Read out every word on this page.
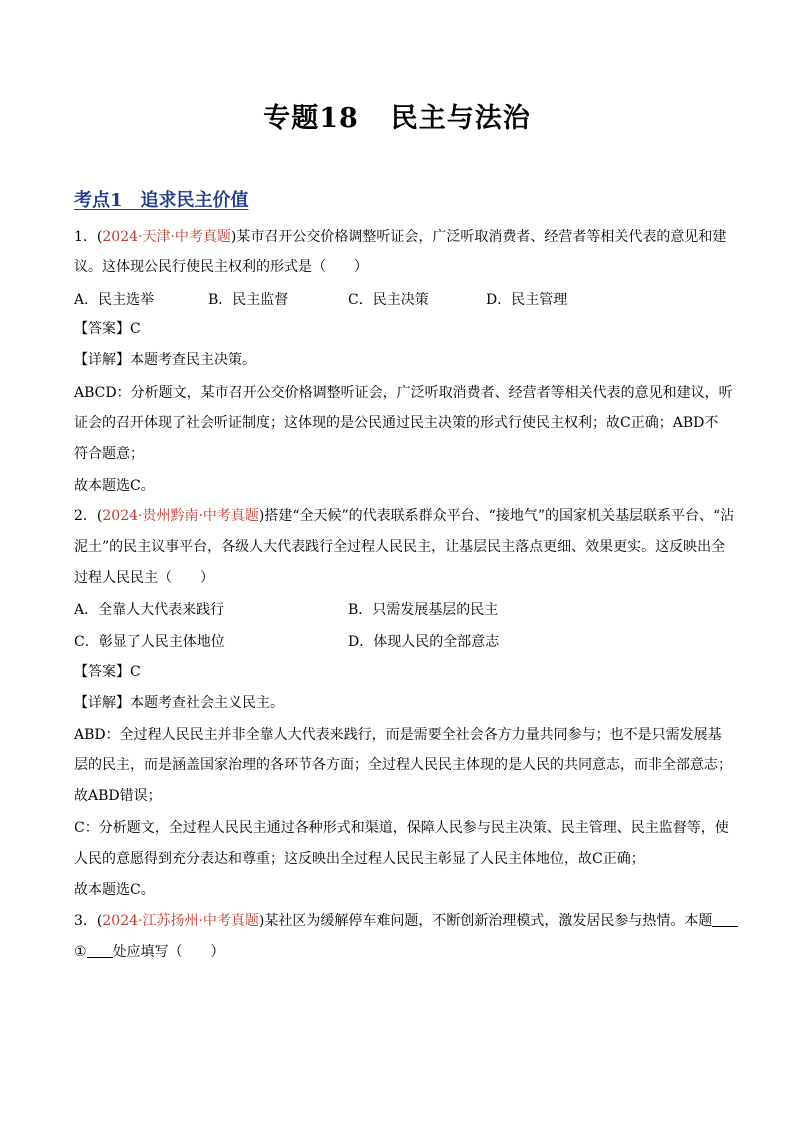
专题18 民主与法治
考点1　追求民主价值
1．(2024·天津·中考真题)某市召开公交价格调整听证会，广泛听取消费者、经营者等相关代表的意见和建
议。这体现公民行使民主权利的形式是（　　）
A．民主选举	B．民主监督	C．民主决策	D．民主管理
【答案】C
【详解】本题考查民主决策。
ABCD：分析题文，某市召开公交价格调整听证会，广泛听取消费者、经营者等相关代表的意见和建议，听
证会的召开体现了社会听证制度；这体现的是公民通过民主决策的形式行使民主权利；故C正确；ABD不
符合题意；
故本题选C。
2．(2024·贵州黔南·中考真题)搭建“全天候”的代表联系群众平台、“接地气”的国家机关基层联系平台、“沾
泥土”的民主议事平台，各级人大代表践行全过程人民民主，让基层民主落点更细、效果更实。这反映出全
过程人民民主（　　）
A．全靠人大代表来践行	B．只需发展基层的民主
C．彰显了人民主体地位	D．体现人民的全部意志
【答案】C
【详解】本题考查社会主义民主。
ABD：全过程人民民主并非全靠人大代表来践行，而是需要全社会各方力量共同参与；也不是只需发展基
层的民主，而是涵盖国家治理的各环节各方面；全过程人民民主体现的是人民的共同意志，而非全部意志；
故ABD错误；
C：分析题文，全过程人民民主通过各种形式和渠道，保障人民参与民主决策、民主管理、民主监督等，使
人民的意愿得到充分表达和尊重；这反映出全过程人民民主彰显了人民主体地位，故C正确；
故本题选C。
3．(2024·江苏扬州·中考真题)某社区为缓解停车难问题，不断创新治理模式，激发居民参与热情。本题
① 处应填写（　　）
